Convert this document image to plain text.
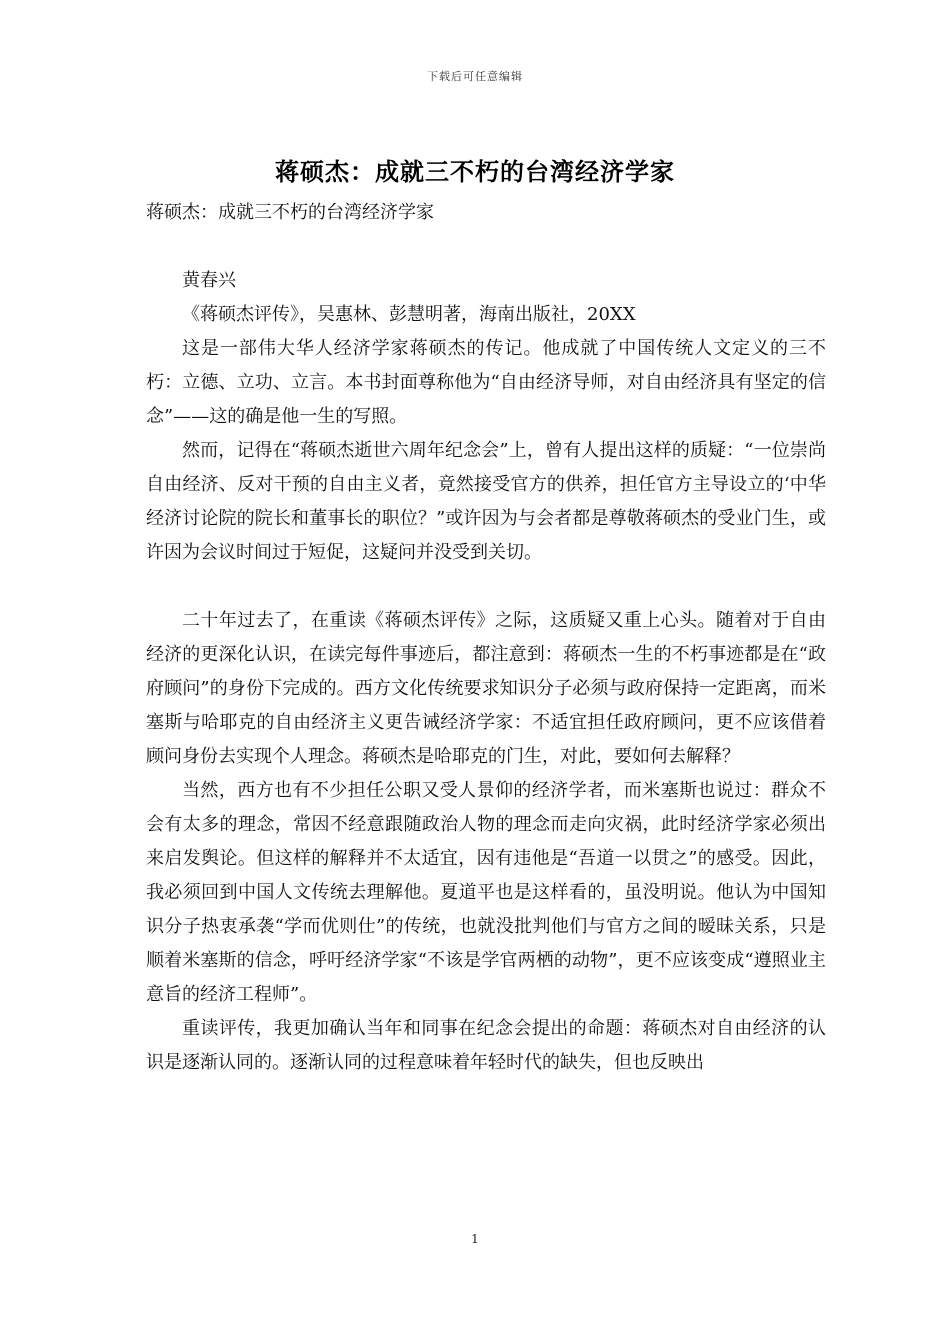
下载后可任意编辑
蒋硕杰：成就三不朽的台湾经济学家

蒋硕杰：成就三不朽的台湾经济学家

黄春兴

《蒋硕杰评传》，吴惠林、彭慧明著，海南出版社，20XX

这是一部伟大华人经济学家蒋硕杰的传记。他成就了中国传统人文定义的三不朽：立德、立功、立言。本书封面尊称他为“自由经济导师，对自由经济具有坚定的信念”——这的确是他一生的写照。

然而，记得在“蒋硕杰逝世六周年纪念会”上，曾有人提出这样的质疑：“一位崇尚自由经济、反对干预的自由主义者，竟然接受官方的供养，担任官方主导设立的‘中华经济讨论院的院长和董事长的职位？”或许因为与会者都是尊敬蒋硕杰的受业门生，或许因为会议时间过于短促，这疑问并没受到关切。

二十年过去了，在重读《蒋硕杰评传》之际，这质疑又重上心头。随着对于自由经济的更深化认识，在读完每件事迹后，都注意到：蒋硕杰一生的不朽事迹都是在“政府顾问”的身份下完成的。西方文化传统要求知识分子必须与政府保持一定距离，而米塞斯与哈耶克的自由经济主义更告诫经济学家：不适宜担任政府顾问，更不应该借着顾问身份去实现个人理念。蒋硕杰是哈耶克的门生，对此，要如何去解释？

当然，西方也有不少担任公职又受人景仰的经济学者，而米塞斯也说过：群众不会有太多的理念，常因不经意跟随政治人物的理念而走向灾祸，此时经济学家必须出来启发舆论。但这样的解释并不太适宜，因有违他是“吾道一以贯之”的感受。因此，我必须回到中国人文传统去理解他。夏道平也是这样看的，虽没明说。他认为中国知识分子热衷承袭“学而优则仕”的传统，也就没批判他们与官方之间的暧昧关系，只是顺着米塞斯的信念，呼吁经济学家“不该是学官两栖的动物”，更不应该变成“遵照业主意旨的经济工程师”。

重读评传，我更加确认当年和同事在纪念会提出的命题：蒋硕杰对自由经济的认识是逐渐认同的。逐渐认同的过程意味着年轻时代的缺失，但也反映出

1
